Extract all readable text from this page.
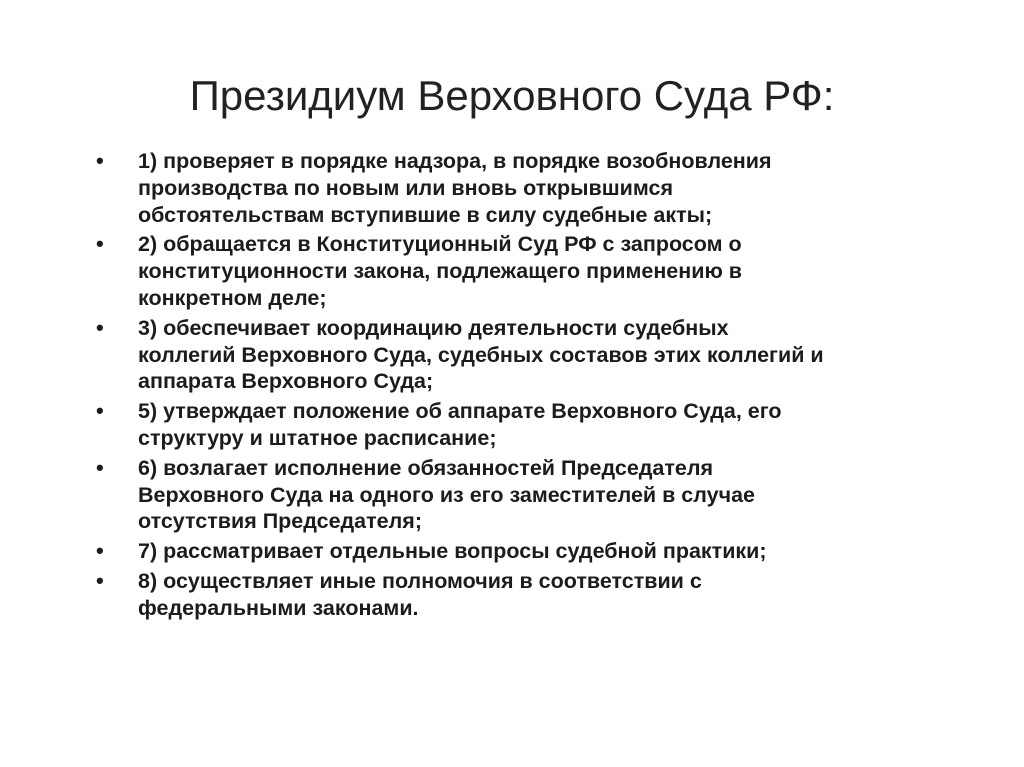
Президиум Верховного Суда РФ:
•	1) проверяет в порядке надзора, в порядке возобновления
производства по новым или вновь открывшимся
обстоятельствам вступившие в силу судебные акты;
•	2) обращается в Конституционный Суд РФ с запросом о
конституционности закона, подлежащего применению в
конкретном деле;
•	3) обеспечивает координацию деятельности судебных
коллегий Верховного Суда, судебных составов этих коллегий и
аппарата Верховного Суда;
•	5) утверждает положение об аппарате Верховного Суда, его
структуру и штатное расписание;
•	6) возлагает исполнение обязанностей Председателя
Верховного Суда на одного из его заместителей в случае
отсутствия Председателя;
•	7) рассматривает отдельные вопросы судебной практики;
•	8) осуществляет иные полномочия в соответствии с
федеральными законами.
